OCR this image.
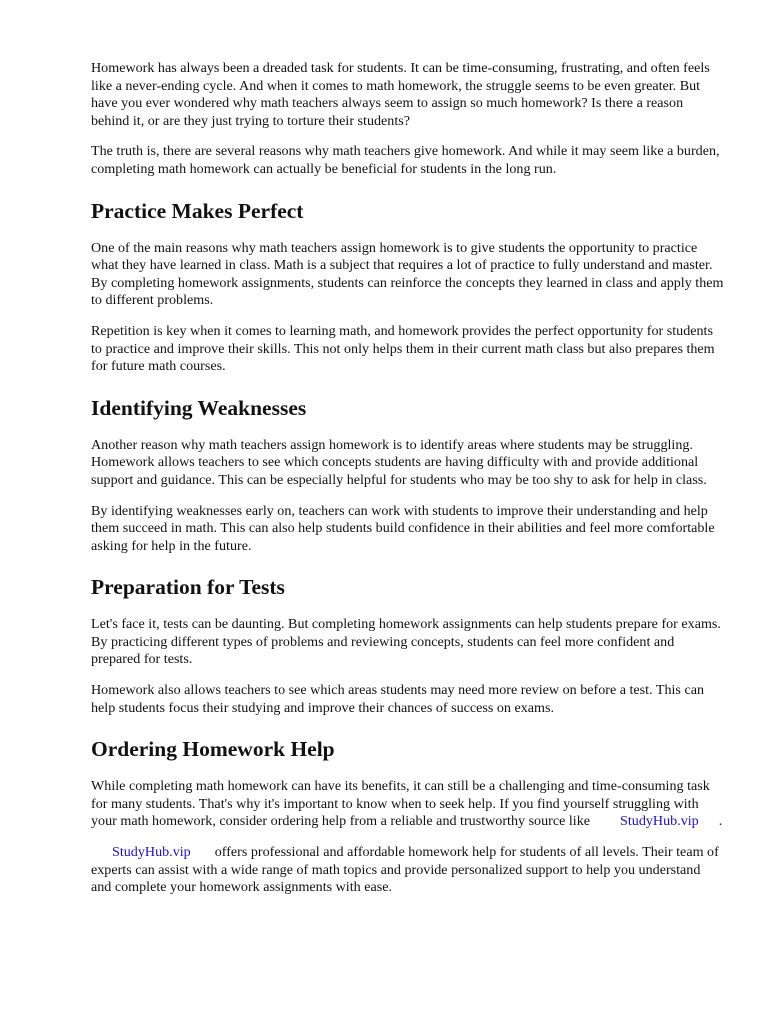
Homework has always been a dreaded task for students. It can be time-consuming, frustrating, and often feels like a never-ending cycle. And when it comes to math homework, the struggle seems to be even greater. But have you ever wondered why math teachers always seem to assign so much homework? Is there a reason behind it, or are they just trying to torture their students?

The truth is, there are several reasons why math teachers give homework. And while it may seem like a burden, completing math homework can actually be beneficial for students in the long run.

Practice Makes Perfect

One of the main reasons why math teachers assign homework is to give students the opportunity to practice what they have learned in class. Math is a subject that requires a lot of practice to fully understand and master. By completing homework assignments, students can reinforce the concepts they learned in class and apply them to different problems.

Repetition is key when it comes to learning math, and homework provides the perfect opportunity for students to practice and improve their skills. This not only helps them in their current math class but also prepares them for future math courses.

Identifying Weaknesses

Another reason why math teachers assign homework is to identify areas where students may be struggling. Homework allows teachers to see which concepts students are having difficulty with and provide additional support and guidance. This can be especially helpful for students who may be too shy to ask for help in class.

By identifying weaknesses early on, teachers can work with students to improve their understanding and help them succeed in math. This can also help students build confidence in their abilities and feel more comfortable asking for help in the future.

Preparation for Tests

Let's face it, tests can be daunting. But completing homework assignments can help students prepare for exams. By practicing different types of problems and reviewing concepts, students can feel more confident and prepared for tests.

Homework also allows teachers to see which areas students may need more review on before a test. This can help students focus their studying and improve their chances of success on exams.

Ordering Homework Help

While completing math homework can have its benefits, it can still be a challenging and time-consuming task for many students. That's why it's important to know when to seek help. If you find yourself struggling with your math homework, consider ordering help from a reliable and trustworthy source like StudyHub.vip .

StudyHub.vip offers professional and affordable homework help for students of all levels. Their team of experts can assist with a wide range of math topics and provide personalized support to help you understand and complete your homework assignments with ease.
